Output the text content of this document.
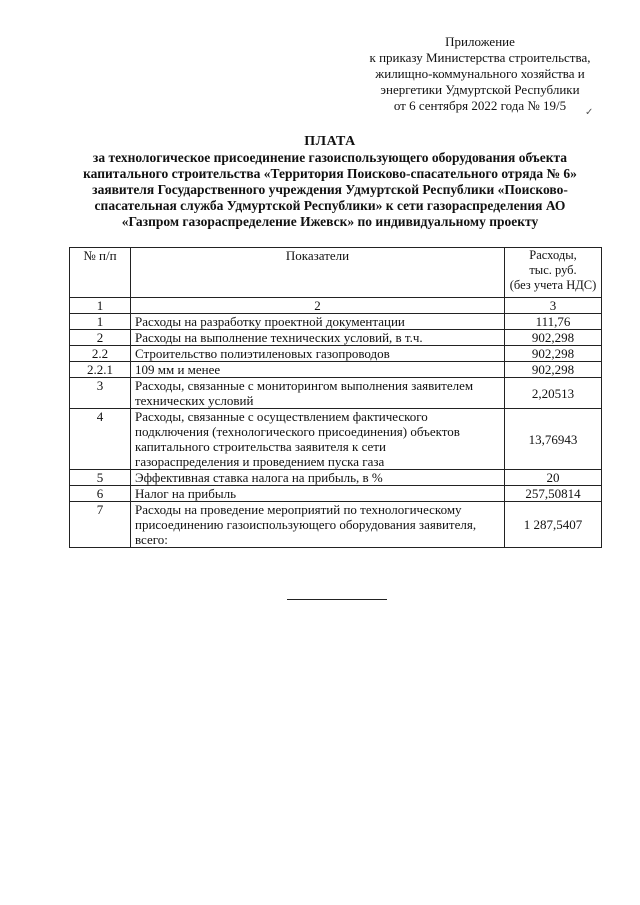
Приложение
к приказу Министерства строительства,
жилищно-коммунального хозяйства и
энергетики Удмуртской Республики
от 6 сентября 2022 года № 19/5	✓
ПЛАТА
за технологическое присоединение газоиспользующего оборудования объекта
капитального строительства «Территория Поисково-спасательного отряда № 6»
заявителя Государственного учреждения Удмуртской Республики «Поисково-
спасательная служба Удмуртской Республики» к сети газораспределения АО
«Газпром газораспределение Ижевск» по индивидуальному проекту
№ п/п	Показатели	Расходы,
тыс. руб.
(без учета НДС)

1	2	3
1	Расходы на разработку проектной документации	111,76
2	Расходы на выполнение технических условий, в т.ч.	902,298
2.2	Строительство полиэтиленовых газопроводов	902,298
2.2.1	109 мм и менее	902,298
3	Расходы, связанные с мониторингом выполнения заявителем
технических условий	2,20513
4	Расходы, связанные с осуществлением фактического
подключения (технологического присоединения) объектов
капитального строительства заявителя к сети
газораспределения и проведением пуска газа	13,76943
5	Эффективная ставка налога на прибыль, в %	20
6	Налог на прибыль	257,50814
7	Расходы на проведение мероприятий по технологическому
присоединению газоиспользующего оборудования заявителя,
всего:	1 287,5407
